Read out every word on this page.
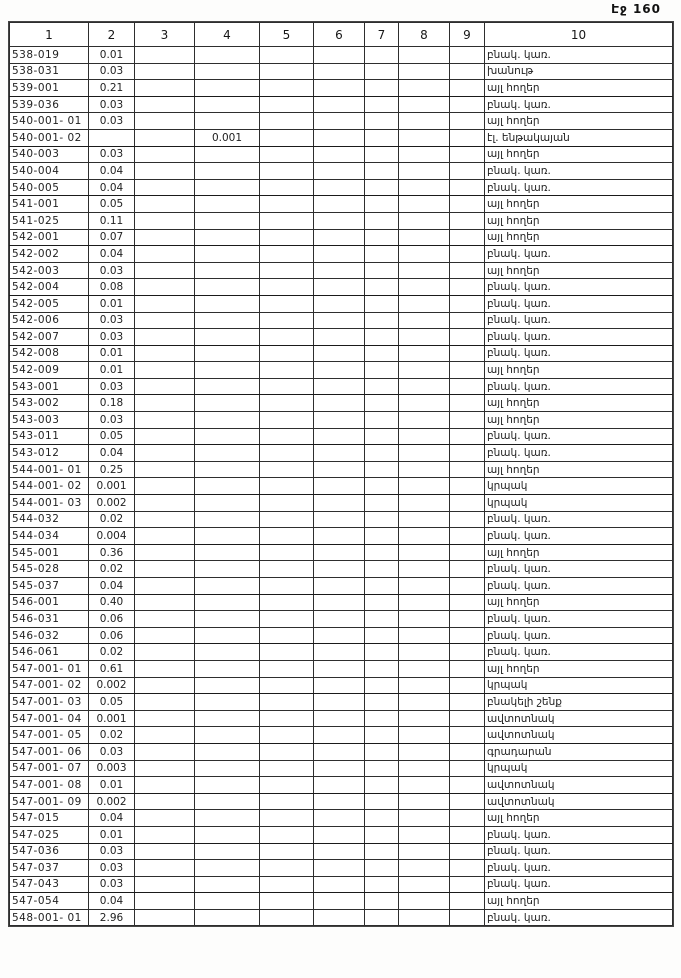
Էջ 160
1	2	3	4	5	6	7	8	9	10
538-019	0.01								բնակ. կառ.
538-031	0.03								խանութ
539-001	0.21								այլ հողեր
539-036	0.03								բնակ. կառ.
540-001- 01	0.03								այլ հողեր
540-001- 02			0.001						էլ. ենթակայան
540-003	0.03								այլ հողեր
540-004	0.04								բնակ. կառ.
540-005	0.04								բնակ. կառ.
541-001	0.05								այլ հողեր
541-025	0.11								այլ հողեր
542-001	0.07								այլ հողեր
542-002	0.04								բնակ. կառ.
542-003	0.03								այլ հողեր
542-004	0.08								բնակ. կառ.
542-005	0.01								բնակ. կառ.
542-006	0.03								բնակ. կառ.
542-007	0.03								բնակ. կառ.
542-008	0.01								բնակ. կառ.
542-009	0.01								այլ հողեր
543-001	0.03								բնակ. կառ.
543-002	0.18								այլ հողեր
543-003	0.03								այլ հողեր
543-011	0.05								բնակ. կառ.
543-012	0.04								բնակ. կառ.
544-001- 01	0.25								այլ հողեր
544-001- 02	0.001								կրպակ
544-001- 03	0.002								կրպակ
544-032	0.02								բնակ. կառ.
544-034	0.004								բնակ. կառ.
545-001	0.36								այլ հողեր
545-028	0.02								բնակ. կառ.
545-037	0.04								բնակ. կառ.
546-001	0.40								այլ հողեր
546-031	0.06								բնակ. կառ.
546-032	0.06								բնակ. կառ.
546-061	0.02								բնակ. կառ.
547-001- 01	0.61								այլ հողեր
547-001- 02	0.002								կրպակ
547-001- 03	0.05								բնակելի շենք
547-001- 04	0.001								ավտոտնակ
547-001- 05	0.02								ավտոտնակ
547-001- 06	0.03								գրադարան
547-001- 07	0.003								կրպակ
547-001- 08	0.01								ավտոտնակ
547-001- 09	0.002								ավտոտնակ
547-015	0.04								այլ հողեր
547-025	0.01								բնակ. կառ.
547-036	0.03								բնակ. կառ.
547-037	0.03								բնակ. կառ.
547-043	0.03								բնակ. կառ.
547-054	0.04								այլ հողեր
548-001- 01	2.96								բնակ. կառ.
